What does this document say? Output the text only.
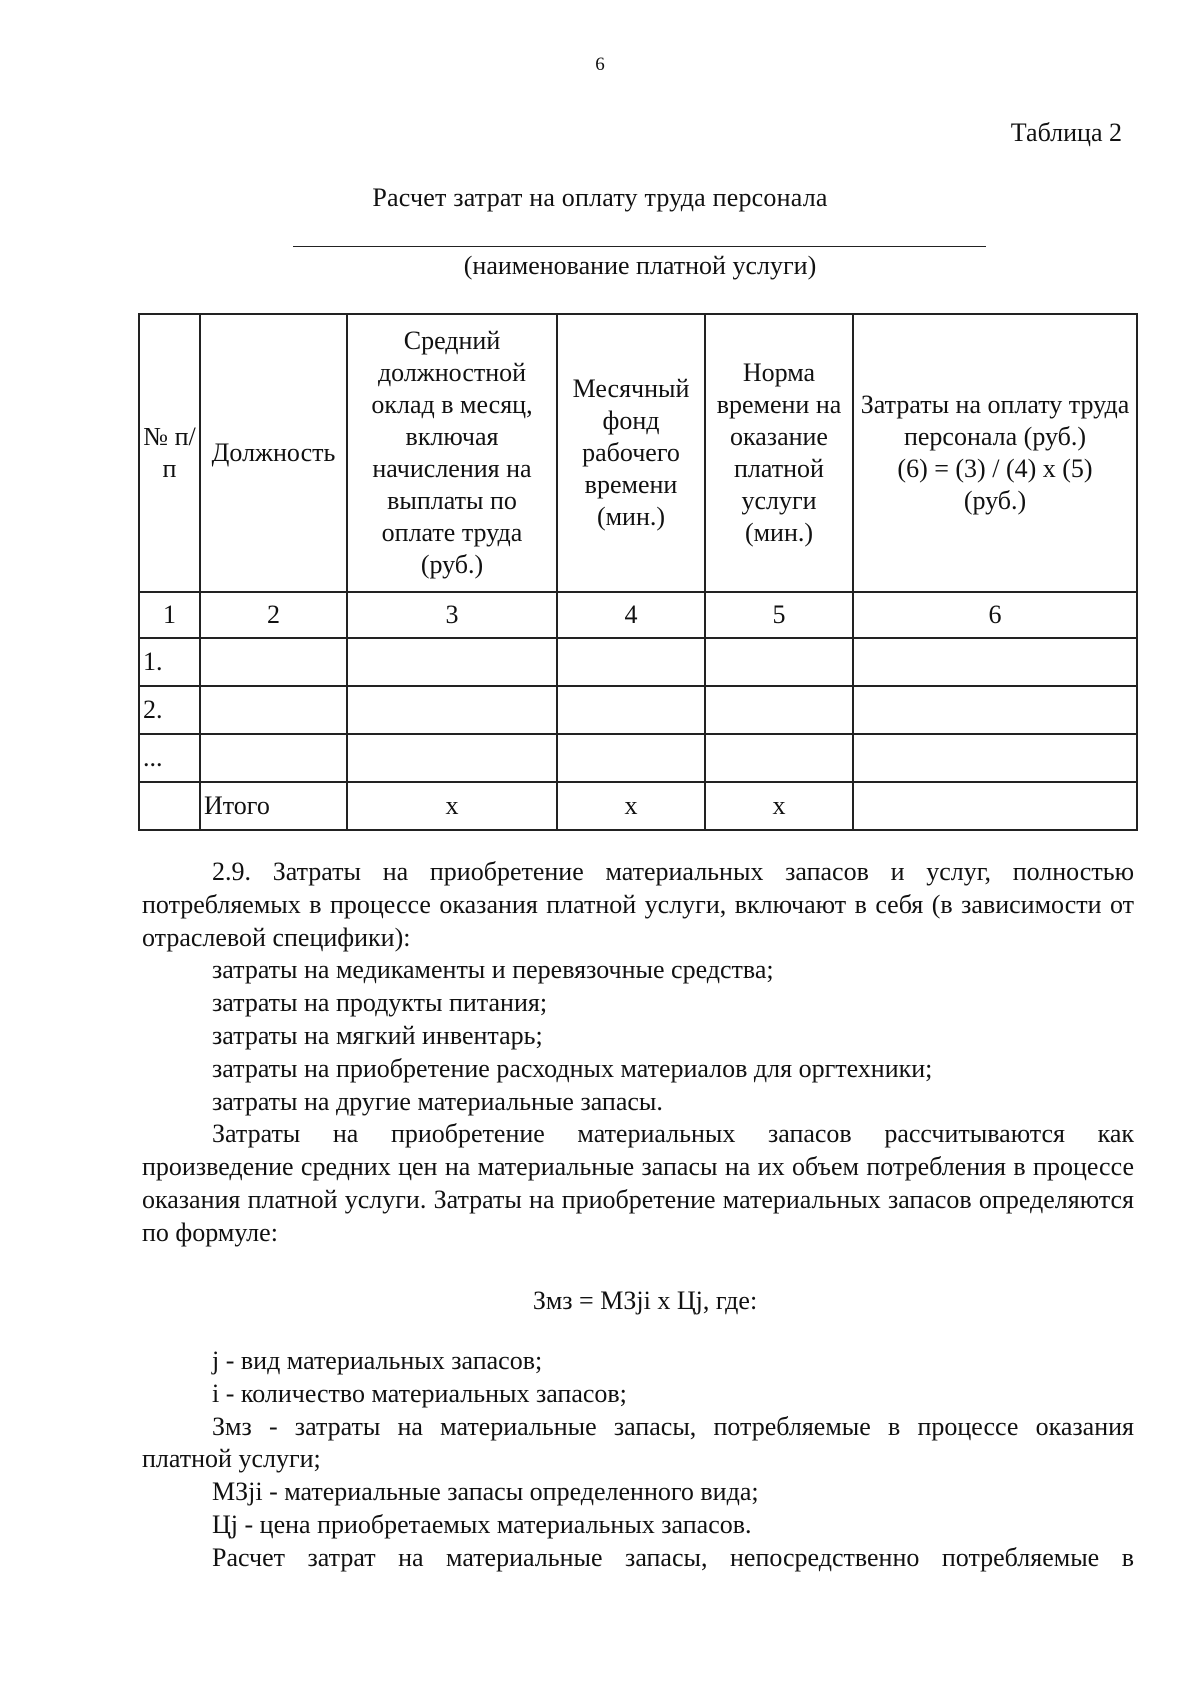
6
Таблица 2
Расчет затрат на оплату труда персонала
(наименование платной услуги)
№ п/п	Должность	Средний должностной оклад в месяц, включая начисления на выплаты по оплате труда (руб.)	Месячный фонд рабочего времени (мин.)	Норма времени на оказание платной услуги (мин.)	Затраты на оплату труда персонала (руб.)
(6) = (3) / (4) x (5)
(руб.)
1	2	3	4	5	6
1.					
2.					
...					
	Итого	x	x	x	

2.9. Затраты на приобретение материальных запасов и услуг, полностью потребляемых в процессе оказания платной услуги, включают в себя (в зависимости от отраслевой специфики):

затраты на медикаменты и перевязочные средства;

затраты на продукты питания;

затраты на мягкий инвентарь;

затраты на приобретение расходных материалов для оргтехники;

затраты на другие материальные запасы.

Затраты на приобретение материальных запасов рассчитываются как произведение средних цен на материальные запасы на их объем потребления в процессе оказания платной услуги. Затраты на приобретение материальных запасов определяются по формуле:

Змз = МЗji x Цj, где:

j - вид материальных запасов;

i - количество материальных запасов;

Змз - затраты на материальные запасы, потребляемые в процессе оказания платной услуги;

МЗji - материальные запасы определенного вида;

Цj - цена приобретаемых материальных запасов.

Расчет затрат на материальные запасы, непосредственно потребляемые в
